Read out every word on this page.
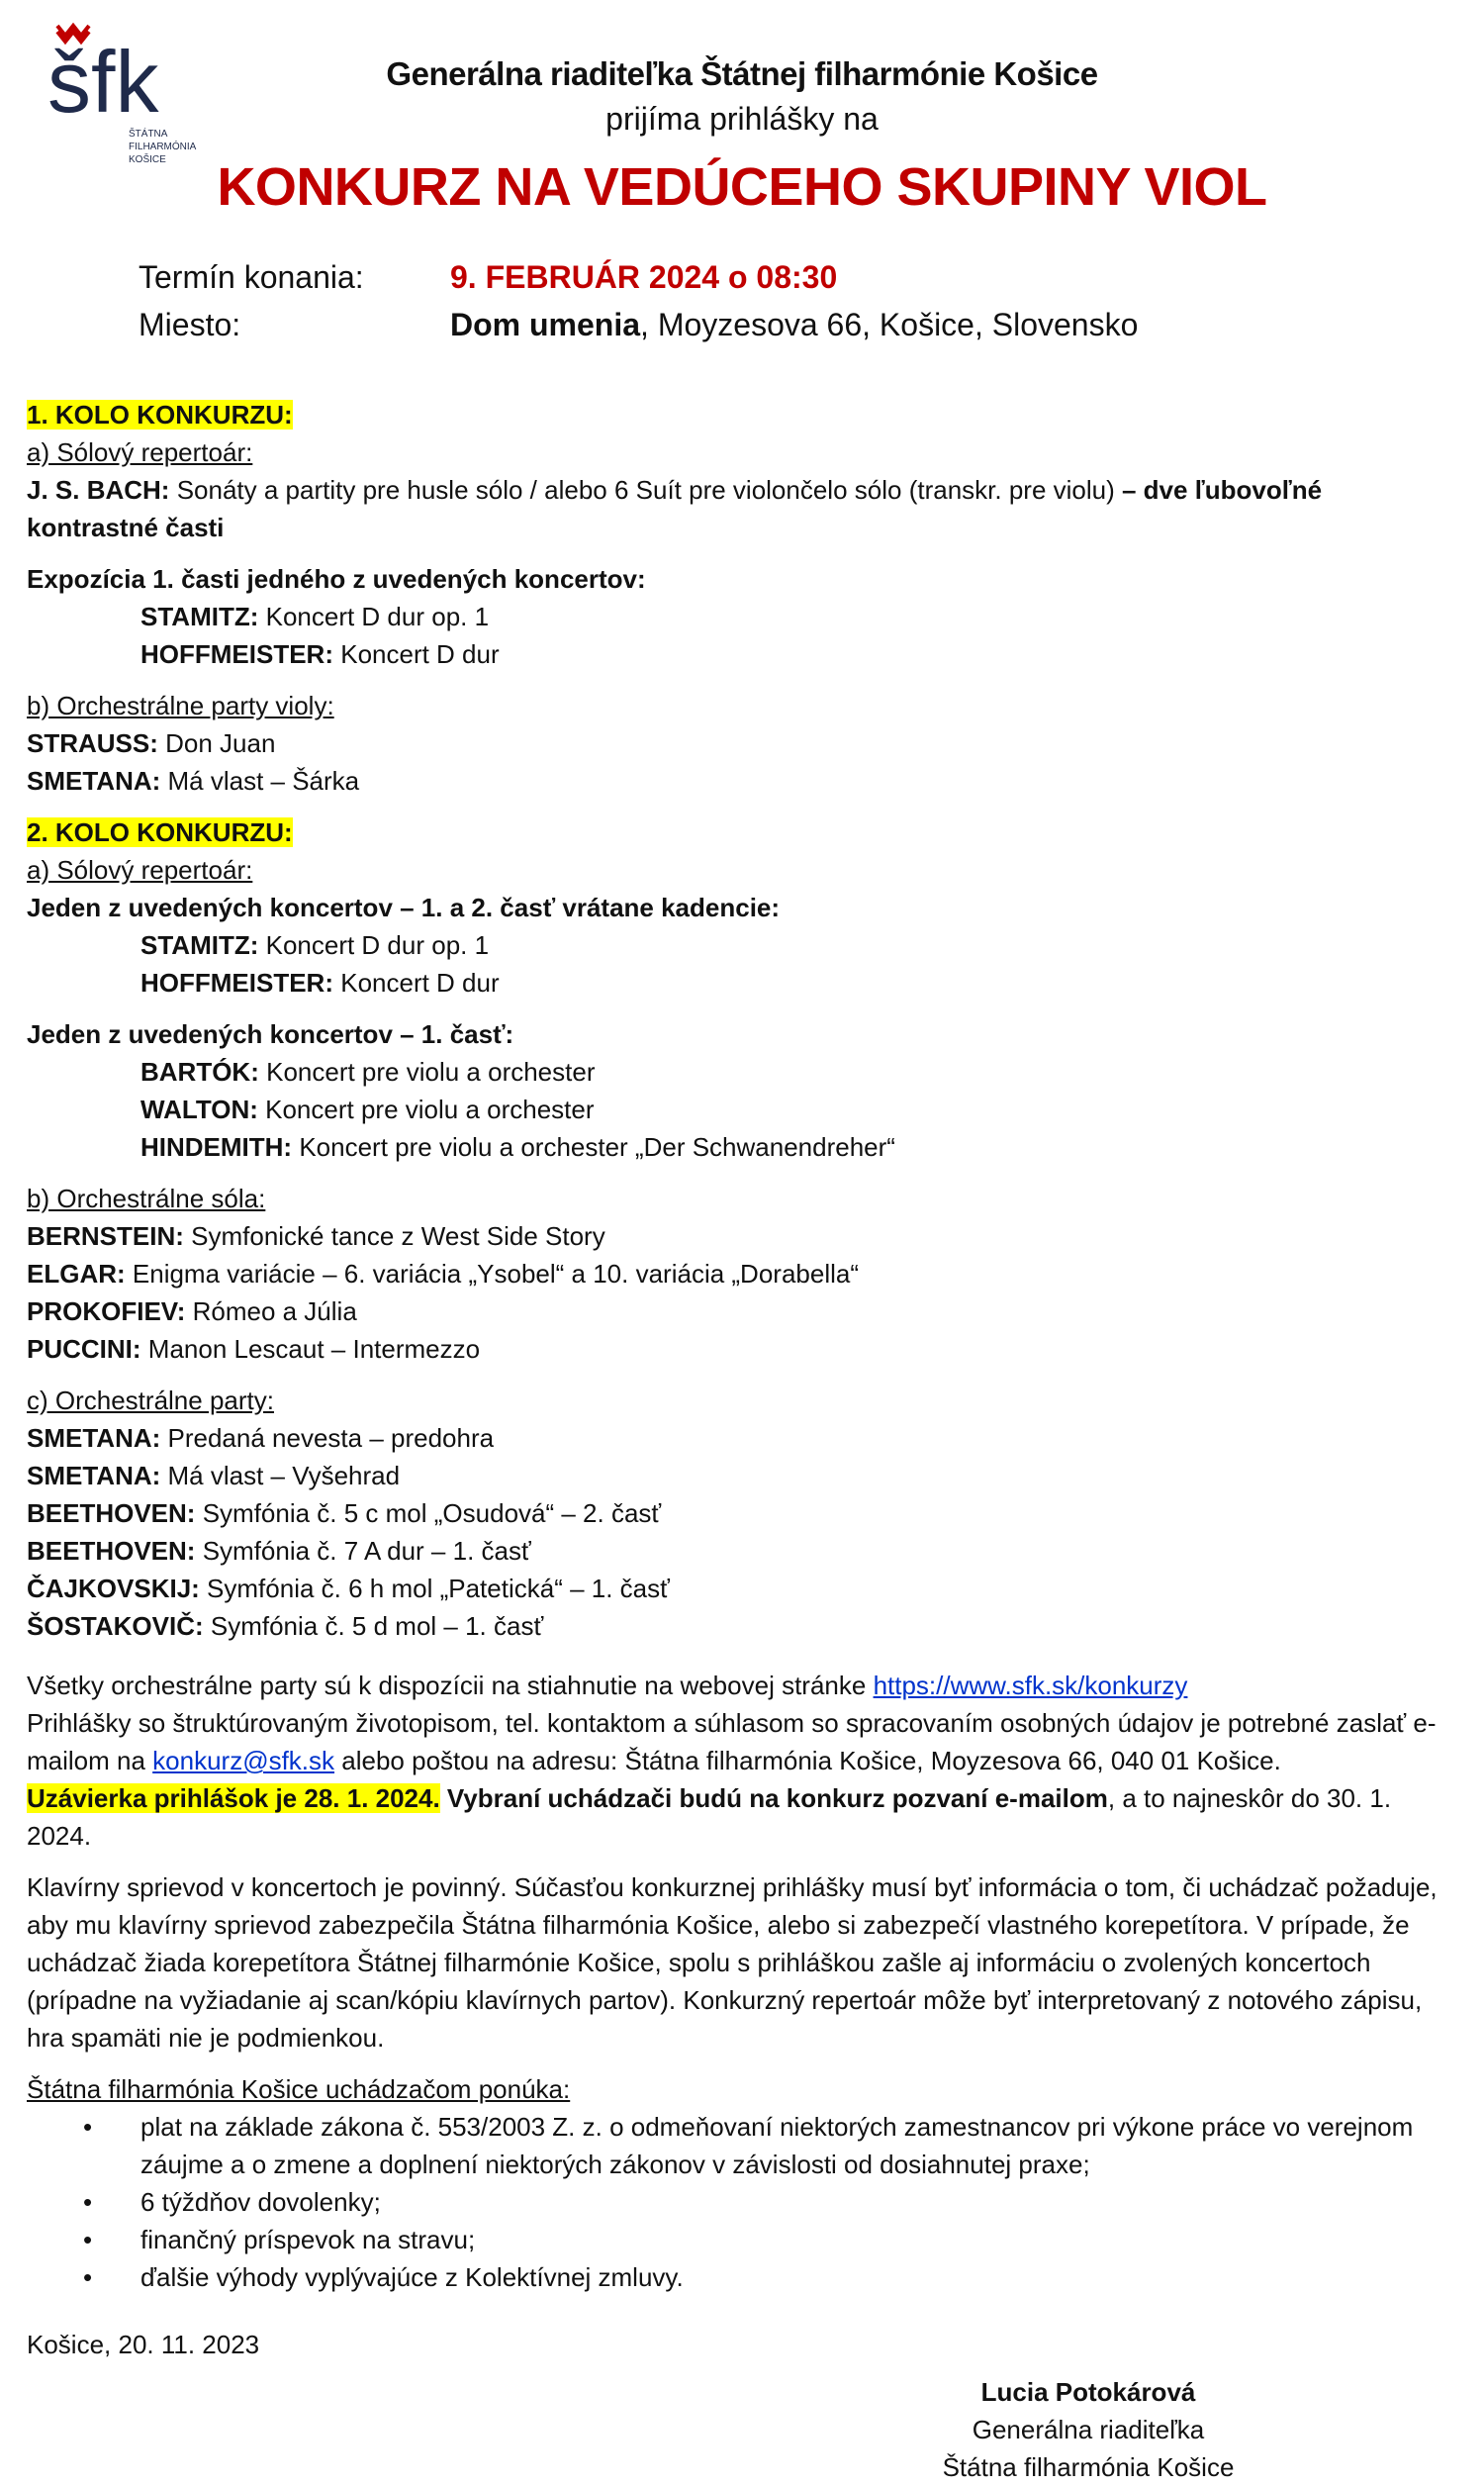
šfk
ŠTÁTNA
FILHARMÓNIA
KOŠICE
Generálna riaditeľka Štátnej filharmónie Košice
prijíma prihlášky na
KONKURZ NA VEDÚCEHO SKUPINY VIOL
Termín konania:	9. FEBRUÁR 2024 o 08:30
Miesto:	Dom umenia, Moyzesova 66, Košice, Slovensko
1. KOLO KONKURZU:
a) Sólový repertoár:
J. S. BACH: Sonáty a partity pre husle sólo / alebo 6 Suít pre violončelo sólo (transkr. pre violu) – dve ľubovoľné kontrastné časti
Expozícia 1. časti jedného z uvedených koncertov:
STAMITZ: Koncert D dur op. 1
HOFFMEISTER: Koncert D dur
b) Orchestrálne party violy:
STRAUSS: Don Juan
SMETANA: Má vlast – Šárka
2. KOLO KONKURZU:
a) Sólový repertoár:
Jeden z uvedených koncertov – 1. a 2. časť vrátane kadencie:
STAMITZ: Koncert D dur op. 1
HOFFMEISTER: Koncert D dur
Jeden z uvedených koncertov – 1. časť:
BARTÓK: Koncert pre violu a orchester
WALTON: Koncert pre violu a orchester
HINDEMITH: Koncert pre violu a orchester „Der Schwanendreher“
b) Orchestrálne sóla:
BERNSTEIN: Symfonické tance z West Side Story
ELGAR: Enigma variácie – 6. variácia „Ysobel“ a 10. variácia „Dorabella“
PROKOFIEV: Rómeo a Júlia
PUCCINI: Manon Lescaut – Intermezzo
c) Orchestrálne party:
SMETANA: Predaná nevesta – predohra
SMETANA: Má vlast – Vyšehrad
BEETHOVEN: Symfónia č. 5 c mol „Osudová“ – 2. časť
BEETHOVEN: Symfónia č. 7 A dur – 1. časť
ČAJKOVSKIJ: Symfónia č. 6 h mol „Patetická“ – 1. časť
ŠOSTAKOVIČ: Symfónia č. 5 d mol – 1. časť
Všetky orchestrálne party sú k dispozícii na stiahnutie na webovej stránke https://www.sfk.sk/konkurzy
Prihlášky so štruktúrovaným životopisom, tel. kontaktom a súhlasom so spracovaním osobných údajov je potrebné zaslať e-mailom na konkurz@sfk.sk alebo poštou na adresu: Štátna filharmónia Košice, Moyzesova 66, 040 01 Košice.
Uzávierka prihlášok je 28. 1. 2024. Vybraní uchádzači budú na konkurz pozvaní e-mailom, a to najneskôr do 30. 1. 2024.
Klavírny sprievod v koncertoch je povinný. Súčasťou konkurznej prihlášky musí byť informácia o tom, či uchádzač požaduje, aby mu klavírny sprievod zabezpečila Štátna filharmónia Košice, alebo si zabezpečí vlastného korepetítora. V prípade, že uchádzač žiada korepetítora Štátnej filharmónie Košice, spolu s prihláškou zašle aj informáciu o zvolených koncertoch (prípadne na vyžiadanie aj scan/kópiu klavírnych partov). Konkurzný repertoár môže byť interpretovaný z notového zápisu, hra spamäti nie je podmienkou.
Štátna filharmónia Košice uchádzačom ponúka:
• plat na základe zákona č. 553/2003 Z. z. o odmeňovaní niektorých zamestnancov pri výkone práce vo verejnom záujme a o zmene a doplnení niektorých zákonov v závislosti od dosiahnutej praxe;
• 6 týždňov dovolenky;
• finančný príspevok na stravu;
• ďalšie výhody vyplývajúce z Kolektívnej zmluvy.
Košice, 20. 11. 2023
Lucia Potokárová
Generálna riaditeľka
Štátna filharmónia Košice
